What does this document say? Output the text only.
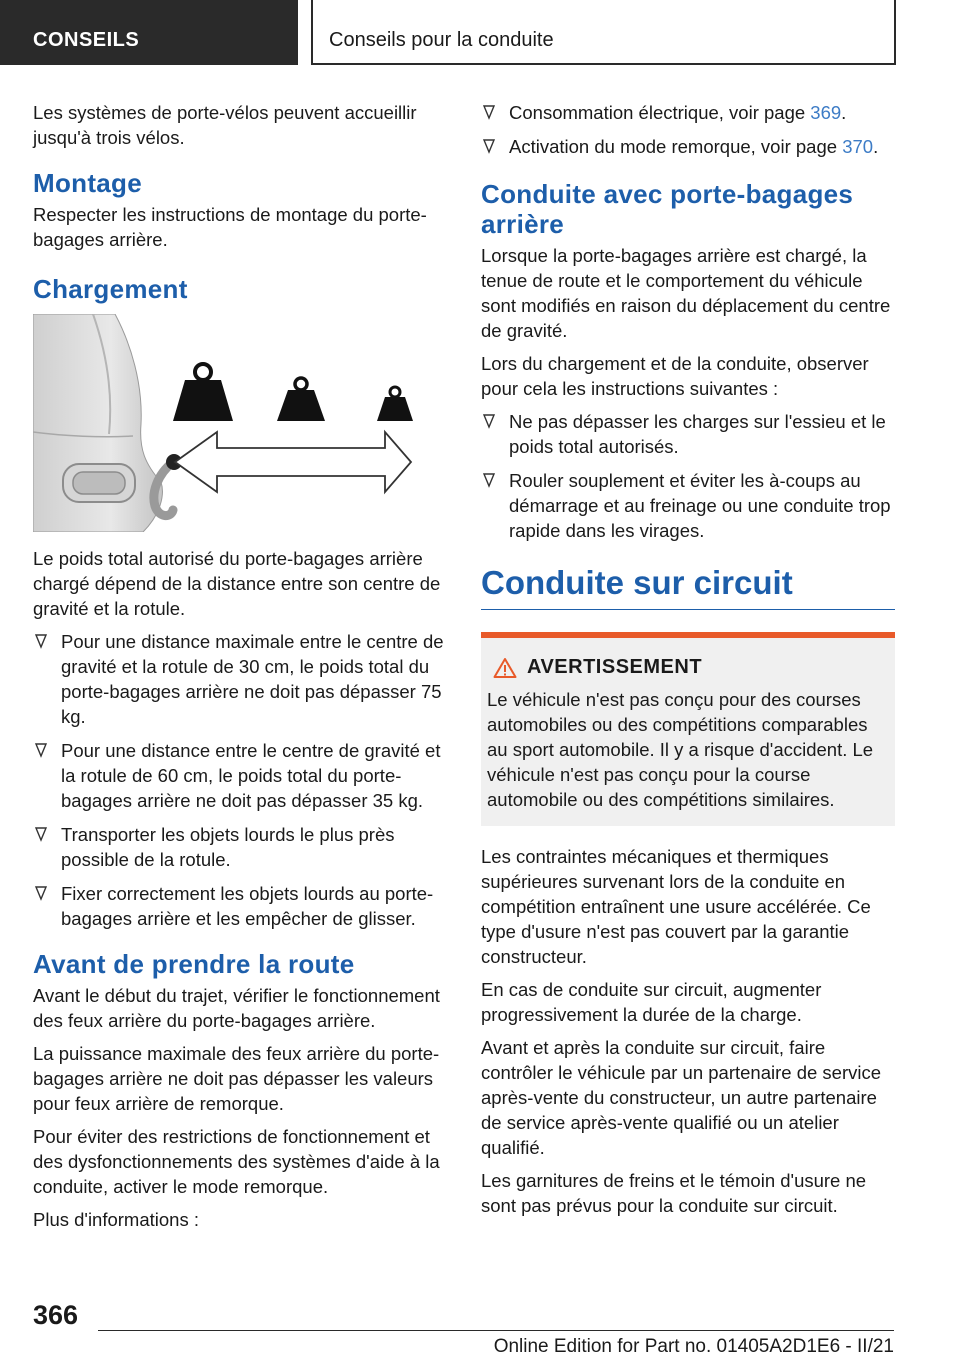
CONSEILS	Conseils pour la conduite

Les systèmes de porte-vélos peuvent accueillir jusqu'à trois vélos.

Montage

Respecter les instructions de montage du porte-bagages arrière.

Chargement

Le poids total autorisé du porte-bagages arrière chargé dépend de la distance entre son centre de gravité et la rotule.

Pour une distance maximale entre le centre de gravité et la rotule de 30 cm, le poids total du porte-bagages arrière ne doit pas dépasser 75 kg.
Pour une distance entre le centre de gravité et la rotule de 60 cm, le poids total du porte-bagages arrière ne doit pas dépasser 35 kg.
Transporter les objets lourds le plus près possible de la rotule.
Fixer correctement les objets lourds au porte-bagages arrière et les empêcher de glisser.
Avant de prendre la route

Avant le début du trajet, vérifier le fonctionnement des feux arrière du porte-bagages arrière.

La puissance maximale des feux arrière du porte-bagages arrière ne doit pas dépasser les valeurs pour feux arrière de remorque.

Pour éviter des restrictions de fonctionnement et des dysfonctionnements des systèmes d'aide à la conduite, activer le mode remorque.

Plus d'informations :

Consommation électrique, voir page 369.
Activation du mode remorque, voir page 370.
Conduite avec porte-bagages arrière

Lorsque la porte-bagages arrière est chargé, la tenue de route et le comportement du véhicule sont modifiés en raison du déplacement du centre de gravité.

Lors du chargement et de la conduite, observer pour cela les instructions suivantes :

Ne pas dépasser les charges sur l'essieu et le poids total autorisés.
Rouler souplement et éviter les à-coups au démarrage et au freinage ou une conduite trop rapide dans les virages.
Conduite sur circuit
AVERTISSEMENT

Le véhicule n'est pas conçu pour des courses automobiles ou des compétitions comparables au sport automobile. Il y a risque d'accident. Le véhicule n'est pas conçu pour la course automobile ou des compétitions similaires.

Les contraintes mécaniques et thermiques supérieures survenant lors de la conduite en compétition entraînent une usure accélérée. Ce type d'usure n'est pas couvert par la garantie constructeur.

En cas de conduite sur circuit, augmenter progressivement la durée de la charge.

Avant et après la conduite sur circuit, faire contrôler le véhicule par un partenaire de service après-vente du constructeur, un autre partenaire de service après-vente qualifié ou un atelier qualifié.

Les garnitures de freins et le témoin d'usure ne sont pas prévus pour la conduite sur circuit.

366
Online Edition for Part no. 01405A2D1E6 - II/21
